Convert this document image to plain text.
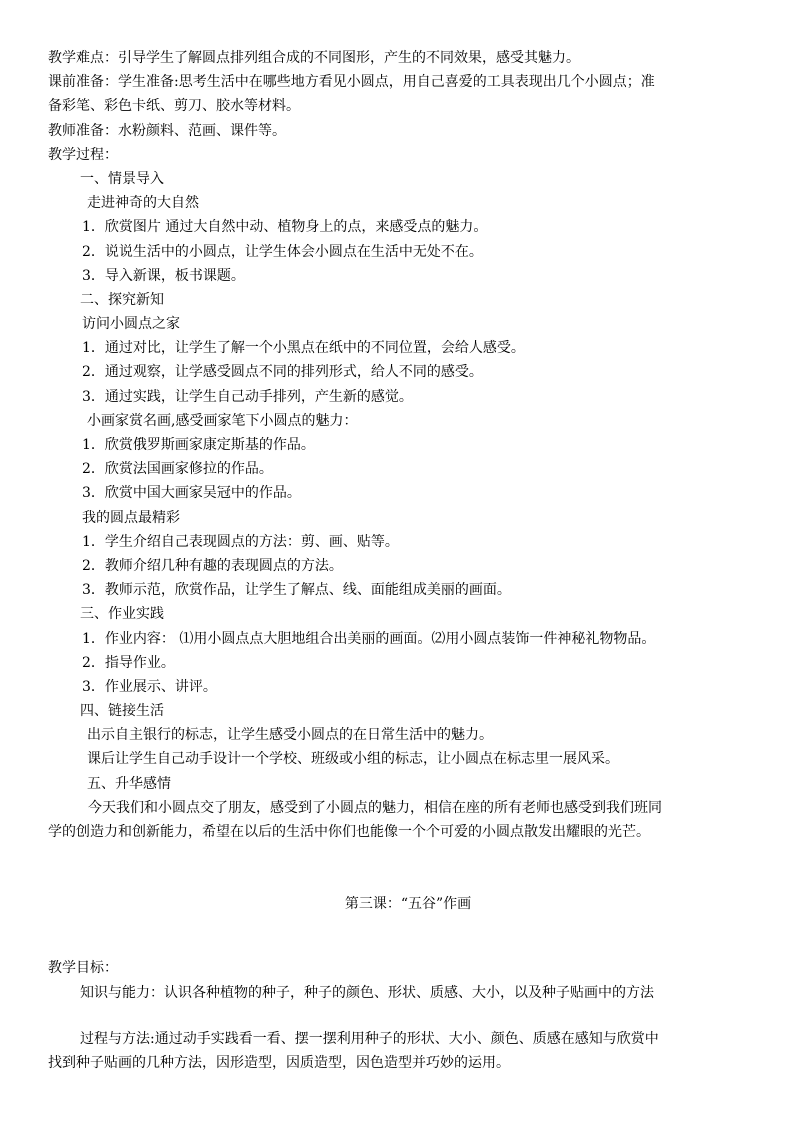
教学难点：引导学生了解圆点排列组合成的不同图形，产生的不同效果，感受其魅力。
课前准备：学生准备:思考生活中在哪些地方看见小圆点，用自己喜爱的工具表现出几个小圆点；准
备彩笔、彩色卡纸、剪刀、胶水等材料。
教师准备：水粉颜料、范画、课件等。
教学过程：
一、情景导入
走进神奇的大自然
1．欣赏图片 通过大自然中动、植物身上的点，来感受点的魅力。
2．说说生活中的小圆点，让学生体会小圆点在生活中无处不在。
3．导入新课，板书课题。
二、探究新知
访问小圆点之家
1．通过对比，让学生了解一个小黑点在纸中的不同位置，会给人感受。
2．通过观察，让学感受圆点不同的排列形式，给人不同的感受。
3．通过实践，让学生自己动手排列，产生新的感觉。
小画家赏名画,感受画家笔下小圆点的魅力：
1．欣赏俄罗斯画家康定斯基的作品。
2．欣赏法国画家修拉的作品。
3．欣赏中国大画家吴冠中的作品。
我的圆点最精彩
1．学生介绍自己表现圆点的方法：剪、画、贴等。
2．教师介绍几种有趣的表现圆点的方法。
3．教师示范，欣赏作品，让学生了解点、线、面能组成美丽的画面。
三、作业实践
1．作业内容： ⑴用小圆点点大胆地组合出美丽的画面。⑵用小圆点装饰一件神秘礼物物品。
2．指导作业。
3．作业展示、讲评。
四、链接生活
出示自主银行的标志，让学生感受小圆点的在日常生活中的魅力。
课后让学生自己动手设计一个学校、班级或小组的标志，让小圆点在标志里一展风采。
五、升华感情
今天我们和小圆点交了朋友，感受到了小圆点的魅力，相信在座的所有老师也感受到我们班同
学的创造力和创新能力，希望在以后的生活中你们也能像一个个可爱的小圆点散发出耀眼的光芒。
第三课：“五谷”作画
教学目标：
知识与能力：认识各种植物的种子，种子的颜色、形状、质感、大小，以及种子贴画中的方法
过程与方法:通过动手实践看一看、摆一摆利用种子的形状、大小、颜色、质感在感知与欣赏中
找到种子贴画的几种方法，因形造型，因质造型，因色造型并巧妙的运用。
